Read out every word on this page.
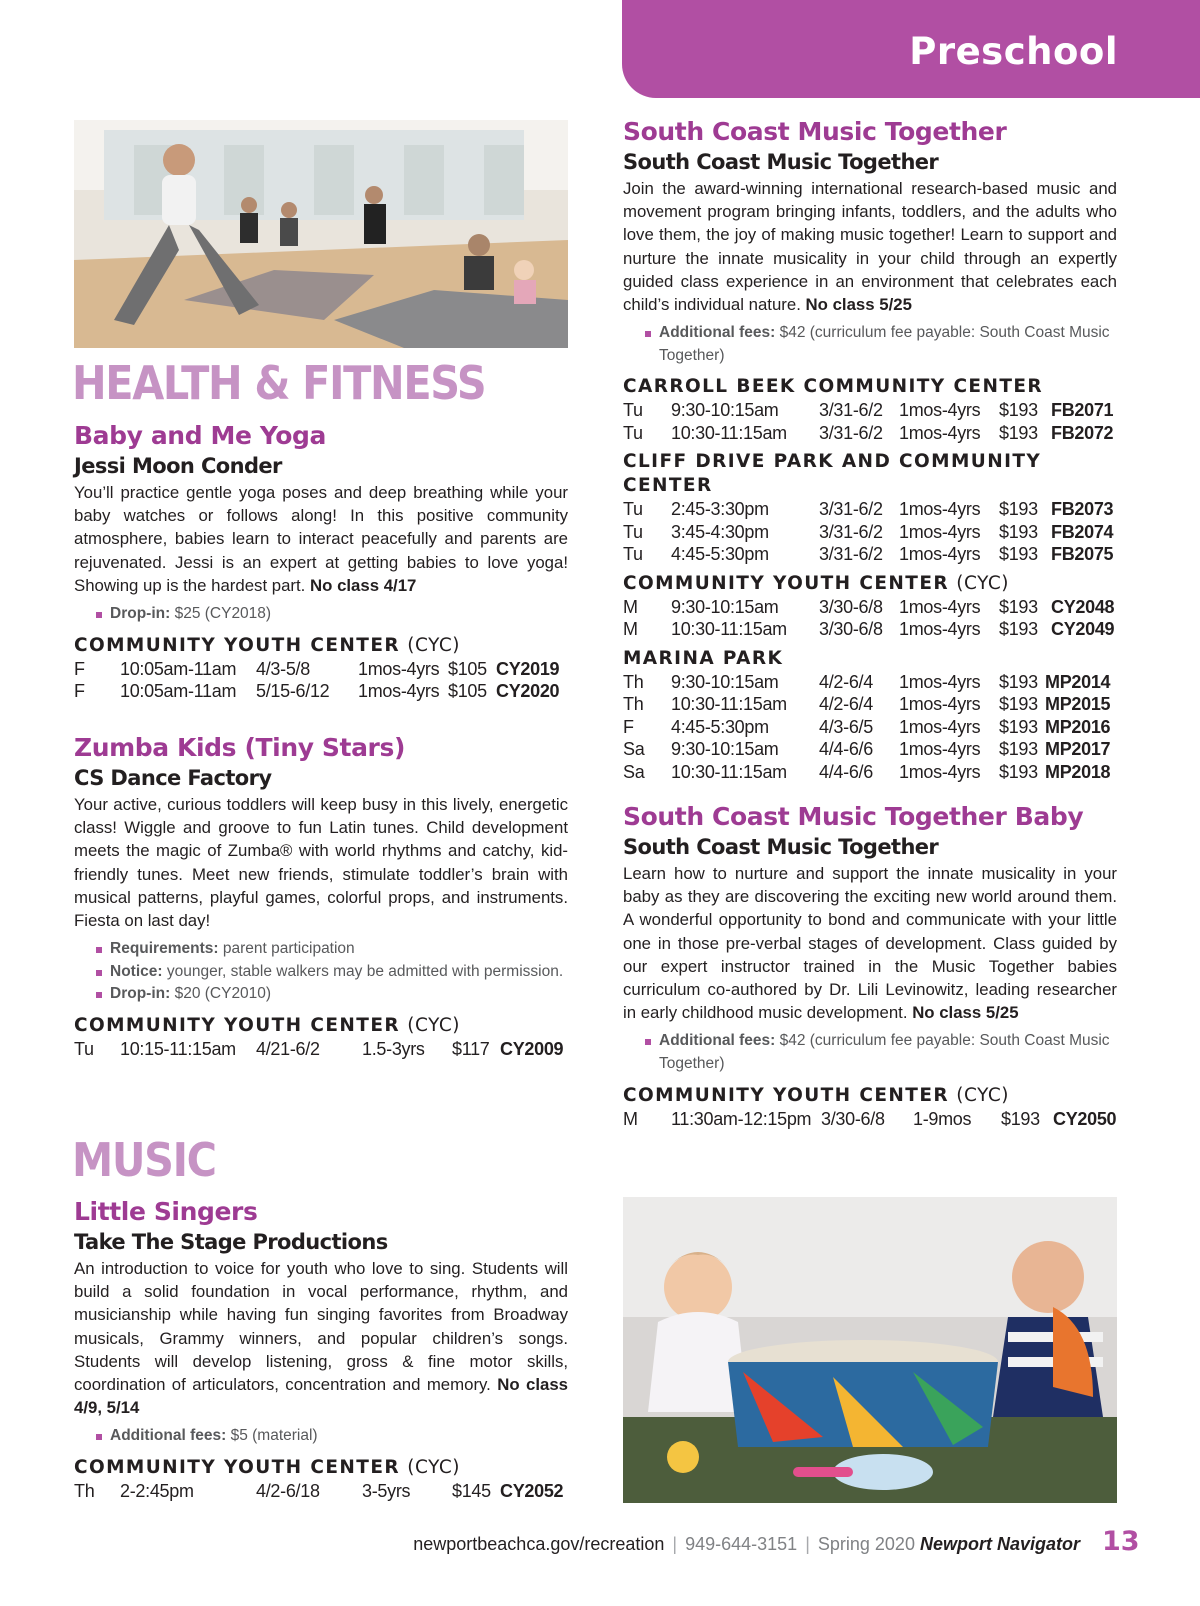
Preschool
HEALTH & FITNESS
Baby and Me Yoga
Jessi Moon Conder

You’ll practice gentle yoga poses and deep breathing while your baby watches or follows along! In this positive community atmosphere, babies learn to interact peacefully and parents are rejuvenated. Jessi is an expert at getting babies to love yoga! Showing up is the hardest part. No class 4/17

Drop-in: $25 (CY2018)
COMMUNITY YOUTH CENTER (CYC)
F	10:05am-11am	4/3-5/8	1mos-4yrs $105 CY2019
F	10:05am-11am	5/15-6/12	1mos-4yrs $105 CY2020
Zumba Kids (Tiny Stars)
CS Dance Factory

Your active, curious toddlers will keep busy in this lively, energetic class! Wiggle and groove to fun Latin tunes. Child development meets the magic of Zumba® with world rhythms and catchy, kid-friendly tunes. Meet new friends, stimulate toddler’s brain with musical patterns, playful games, colorful props, and instruments. Fiesta on last day!

Requirements: parent participation
Notice: younger, stable walkers may be admitted with permission.
Drop-in: $20 (CY2010)
COMMUNITY YOUTH CENTER (CYC)
Tu	10:15-11:15am	4/21-6/2	1.5-3yrs	$117 CY2009
MUSIC
Little Singers
Take The Stage Productions

An introduction to voice for youth who love to sing. Students will build a solid foundation in vocal performance, rhythm, and musicianship while having fun singing favorites from Broadway musicals, Grammy winners, and popular children’s songs. Students will develop listening, gross & fine motor skills, coordination of articulators, concentration and memory. No class 4/9, 5/14

Additional fees: $5 (material)
COMMUNITY YOUTH CENTER (CYC)
Th	2-2:45pm	4/2-6/18	3-5yrs	$145 CY2052
South Coast Music Together
South Coast Music Together

Join the award-winning international research-based music and movement program bringing infants, toddlers, and the adults who love them, the joy of making music together! Learn to support and nurture the innate musicality in your child through an expertly guided class experience in an environment that celebrates each child’s individual nature. No class 5/25

Additional fees: $42 (curriculum fee payable: South Coast Music Together)
CARROLL BEEK COMMUNITY CENTER
Tu	9:30-10:15am	3/31-6/2 1mos-4yrs	$193 FB2071
Tu	10:30-11:15am	3/31-6/2 1mos-4yrs	$193 FB2072
CLIFF DRIVE PARK AND COMMUNITY CENTER
Tu	2:45-3:30pm	3/31-6/2 1mos-4yrs	$193 FB2073
Tu	3:45-4:30pm	3/31-6/2 1mos-4yrs	$193 FB2074
Tu	4:45-5:30pm	3/31-6/2 1mos-4yrs	$193 FB2075
COMMUNITY YOUTH CENTER (CYC)
M	9:30-10:15am	3/30-6/8 1mos-4yrs	$193 CY2048
M	10:30-11:15am	3/30-6/8 1mos-4yrs	$193 CY2049
MARINA PARK
Th	9:30-10:15am	4/2-6/4	1mos-4yrs	$193 MP2014
Th	10:30-11:15am	4/2-6/4	1mos-4yrs	$193 MP2015
F	4:45-5:30pm	4/3-6/5	1mos-4yrs	$193 MP2016
Sa	9:30-10:15am	4/4-6/6	1mos-4yrs	$193 MP2017
Sa	10:30-11:15am	4/4-6/6	1mos-4yrs	$193 MP2018
South Coast Music Together Baby
South Coast Music Together

Learn how to nurture and support the innate musicality in your baby as they are discovering the exciting new world around them. A wonderful opportunity to bond and communicate with your little one in those pre-verbal stages of development. Class guided by our expert instructor trained in the Music Together babies curriculum co-authored by Dr. Lili Levinowitz, leading researcher in early childhood music development. No class 5/25

Additional fees: $42 (curriculum fee payable: South Coast Music Together)
COMMUNITY YOUTH CENTER (CYC)
M	11:30am-12:15pm 3/30-6/8	1-9mos	$193 CY2050
newportbeachca.gov/recreation | 949-644-3151 | Spring 2020 Newport Navigator 13
